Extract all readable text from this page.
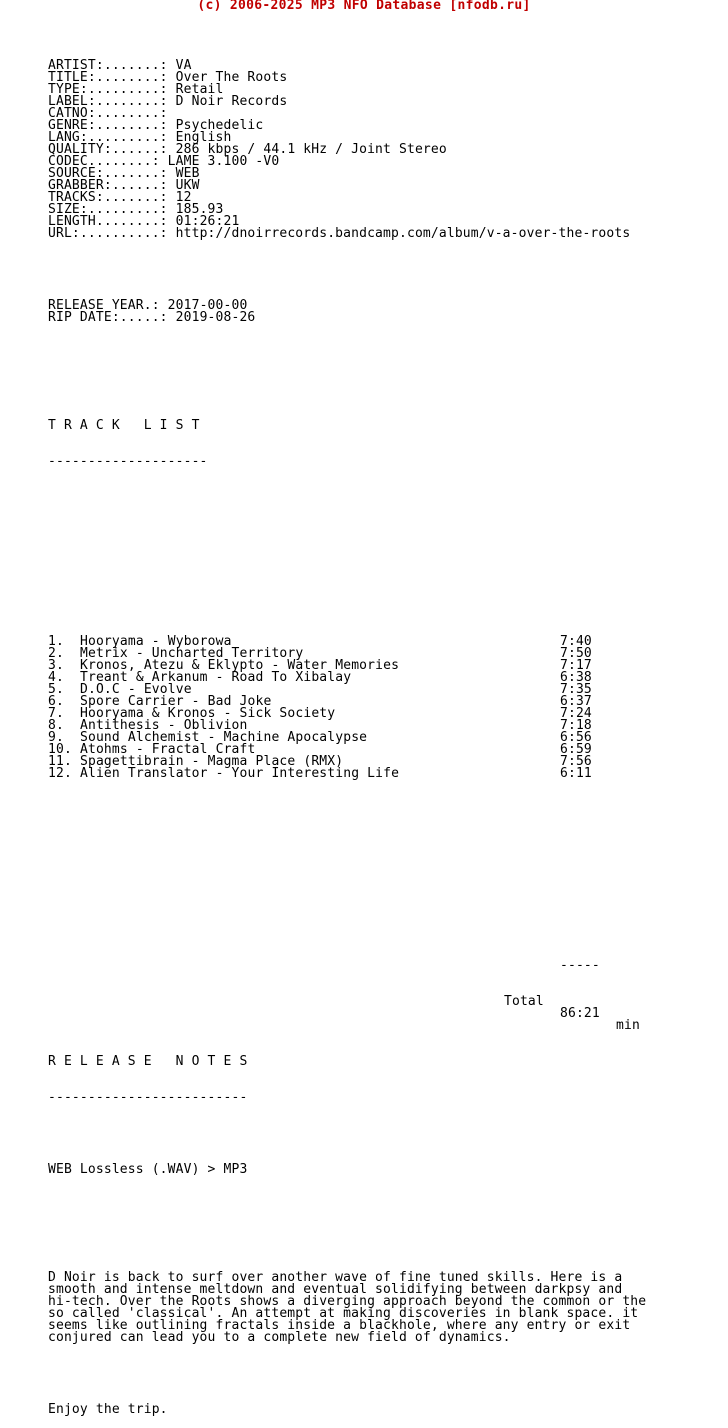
(c) 2006-2025 MP3 NFO Database [nfodb.ru]

ARTIST:.......: VA
TITLE:........: Over The Roots
TYPE:.........: Retail
LABEL:........: D Noir Records
CATNO:........:
GENRE:........: Psychedelic
LANG:.........: English
QUALITY:......: 286 kbps / 44.1 kHz / Joint Stereo
CODEC........: LAME 3.100 -V0
SOURCE:.......: WEB
GRABBER:......: UKW
TRACKS:.......: 12
SIZE:.........: 185.93
LENGTH........: 01:26:21
URL:..........: http://dnoirrecords.bandcamp.com/album/v-a-over-the-roots

RELEASE YEAR.: 2017-00-00
RIP DATE:.....: 2019-08-26

T R A C K   L I S T

--------------------

1. Hooryama - Wyborowa	7:40
2. Metrix - Uncharted Territory	7:50
3. Kronos, Atezu & Eklypto - Water Memories	7:17
4. Treant & Arkanum - Road To Xibalay	6:38
5. D.O.C - Evolve	7:35
6. Spore Carrier - Bad Joke	6:37
7. Hooryama & Kronos - Sick Society	7:24
8. Antithesis - Oblivion	7:18
9. Sound Alchemist - Machine Apocalypse	6:56
10. Atohms - Fractal Craft	6:59
11. Spagettibrain - Magma Place (RMX)	7:56
12. Alien Translator - Your Interesting Life	6:11

-----

Total

86:21

min

R E L E A S E   N O T E S

-------------------------

WEB Lossless (.WAV) > MP3

D Noir is back to surf over another wave of fine tuned skills. Here is a
smooth and intense meltdown and eventual solidifying between darkpsy and
hi-tech. Over the Roots shows a diverging approach beyond the common or the
so called 'classical'. An attempt at making discoveries in blank space. it
seems like outlining fractals inside a blackhole, where any entry or exit
conjured can lead you to a complete new field of dynamics.

Enjoy the trip.
